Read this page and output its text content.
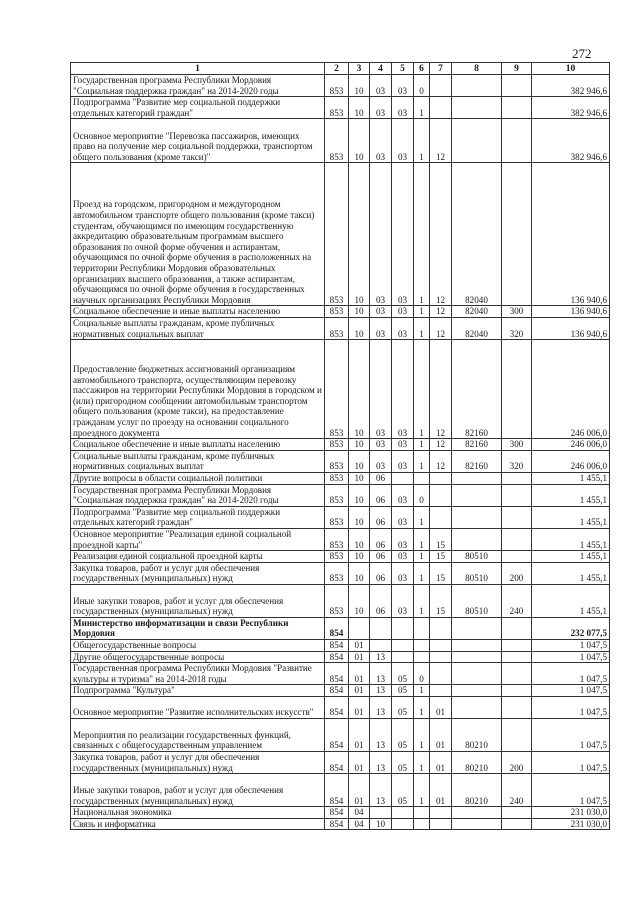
272
1	2	3	4	5	6	7	8	9	10
Государственная программа Республики Мордовия "Социальная поддержка граждан" на 2014-2020 годы	853	10	03	03	0				382 946,6
Подпрограмма "Развитие мер социальной поддержки отдельных категорий граждан"	853	10	03	03	1				382 946,6
Основное мероприятие "Перевозка пассажиров, имеющих право на получение мер социальной поддержки, транспортом общего пользования (кроме такси)"	853	10	03	03	1	12			382 946,6
Проезд на городском, пригородном и междугородном автомобильном транспорте общего пользования (кроме такси) студентам, обучающимся по имеющим государственную аккредитацию образовательным программам высшего образования по очной форме обучения и аспирантам, обучающимся по очной форме обучения в расположенных на территории Республики Мордовия образовательных организациях высшего образования, а также аспирантам, обучающимся по очной форме обучения в государственных научных организациях Республики Мордовия	853	10	03	03	1	12	82040		136 940,6
Социальное обеспечение и иные выплаты населению	853	10	03	03	1	12	82040	300	136 940,6
Социальные выплаты гражданам, кроме публичных нормативных социальных выплат	853	10	03	03	1	12	82040	320	136 940,6
Предоставление бюджетных ассигнований организациям автомобильного транспорта, осуществляющим перевозку пассажиров на территории Республики Мордовия в городском и (или) пригородном сообщении автомобильным транспортом общего пользования (кроме такси), на предоставление гражданам услуг по проезду на основании социального проездного документа	853	10	03	03	1	12	82160		246 006,0
Социальное обеспечение и иные выплаты населению	853	10	03	03	1	12	82160	300	246 006,0
Социальные выплаты гражданам, кроме публичных нормативных социальных выплат	853	10	03	03	1	12	82160	320	246 006,0
Другие вопросы в области социальной политики	853	10	06						1 455,1
Государственная программа Республики Мордовия "Социальная поддержка граждан" на 2014-2020 годы	853	10	06	03	0				1 455,1
Подпрограмма "Развитие мер социальной поддержки отдельных категорий граждан"	853	10	06	03	1				1 455,1
Основное мероприятие "Реализация единой социальной проездной карты"	853	10	06	03	1	15			1 455,1
Реализация единой социальной проездной карты	853	10	06	03	1	15	80510		1 455,1
Закупка товаров, работ и услуг для обеспечения государственных (муниципальных) нужд	853	10	06	03	1	15	80510	200	1 455,1
Иные закупки товаров, работ и услуг для обеспечения государственных (муниципальных) нужд	853	10	06	03	1	15	80510	240	1 455,1
Министерство информатизации и связи Республики Мордовия	854								232 077,5
Общегосударственные вопросы	854	01							1 047,5
Другие общегосударственные вопросы	854	01	13						1 047,5
Государственная программа Республики Мордовия "Развитие культуры и туризма" на 2014-2018 годы	854	01	13	05	0				1 047,5
Подпрограмма "Культура"	854	01	13	05	1				1 047,5
Основное мероприятие "Развитие исполнительских искусств"	854	01	13	05	1	01			1 047,5
Мероприятия по реализации государственных функций, связанных с общегосударственным управлением	854	01	13	05	1	01	80210		1 047,5
Закупка товаров, работ и услуг для обеспечения государственных (муниципальных) нужд	854	01	13	05	1	01	80210	200	1 047,5
Иные закупки товаров, работ и услуг для обеспечения государственных (муниципальных) нужд	854	01	13	05	1	01	80210	240	1 047,5
Национальная экономика	854	04							231 030,0
Связь и информатика	854	04	10						231 030,0
